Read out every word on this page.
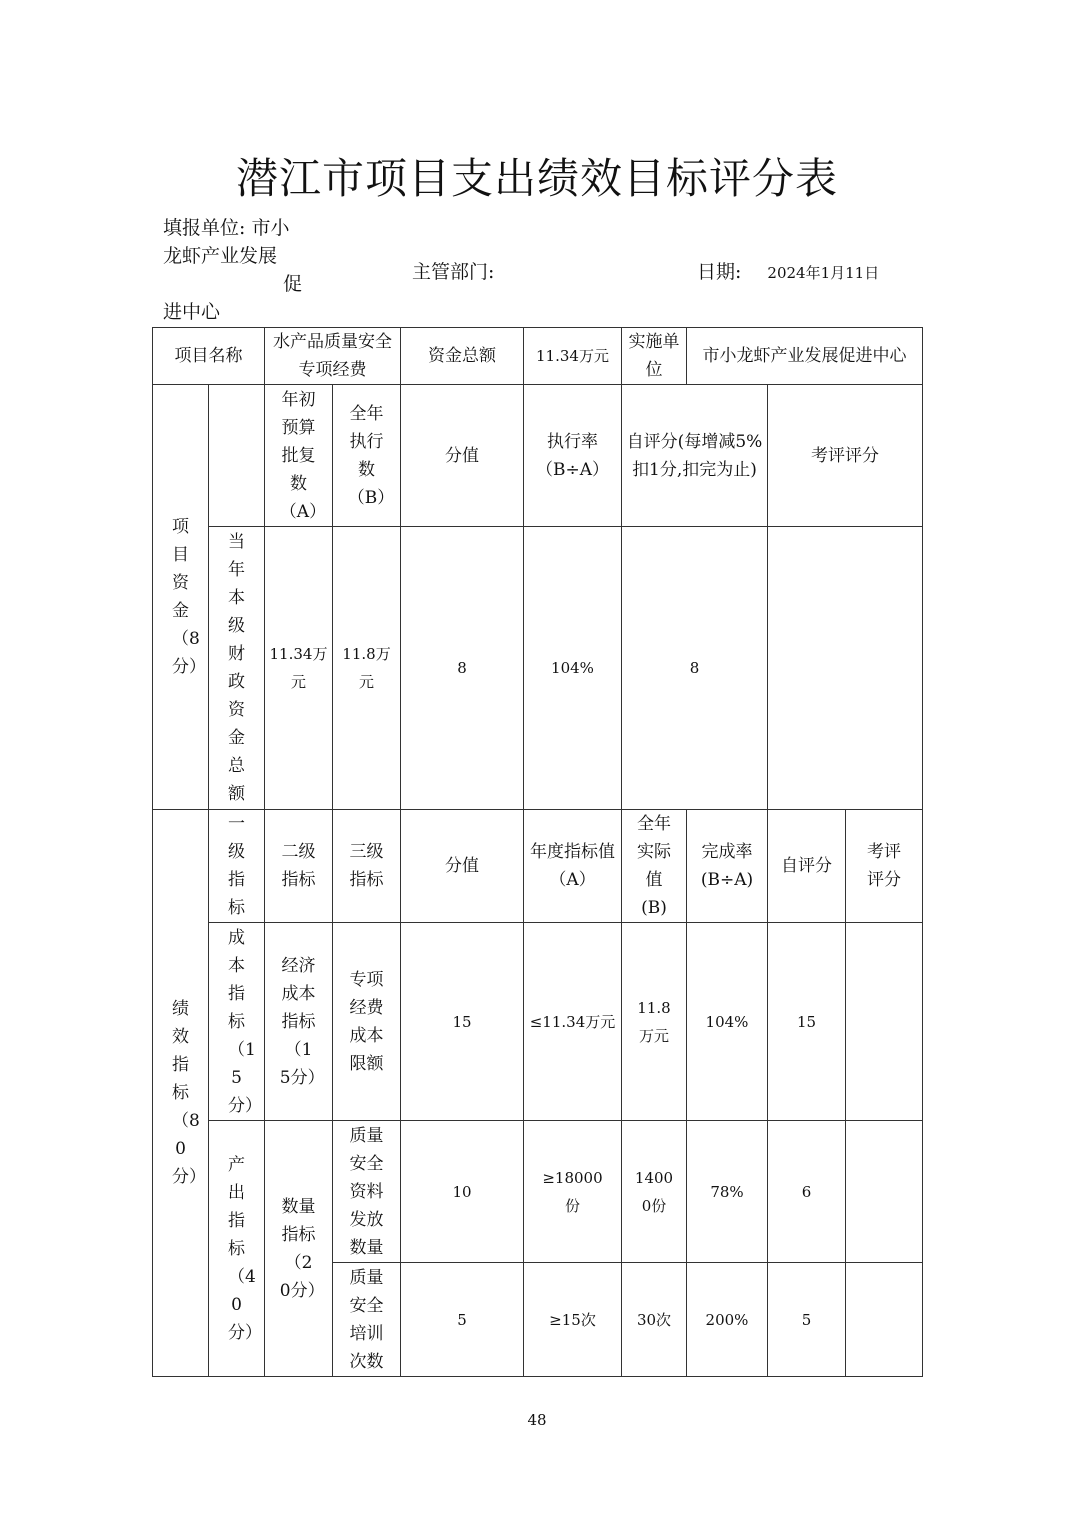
潜江市项目支出绩效目标评分表
填报单位: 市小
龙虾产业发展
促
进中心
主管部门:	日期: 2024年1月11日
项目名称		水产品质量安全专项经费		资金总额	11.34万元	实施单位	市小龙虾产业发展促进中心		

项目资金（8分）		年初预算批复数（A）	全年执行数（B）	分值	执行率（B÷A）	自评分(每增减5%扣1分,扣完为止)		考评评分	

	当年本级财政资金总额	11.34万元	11.8万元	8	104%	8			

绩效指标（80分）	一级指标	二级指标	三级指标	分值	年度指标值（A）	全年实际值(B)	完成率(B÷A)	自评分	考评评分

	成本指标（15分）	经济成本指标（15分）	专项经费成本限额	15	≤11.34万元	11.8万元	104%	15	

	产出指标（40分）	数量指标（20分）	质量安全资料发放数量	10	≥18000份	14000份	78%	6	

			质量安全培训次数	5	≥15次	30次	200%	5	
48
